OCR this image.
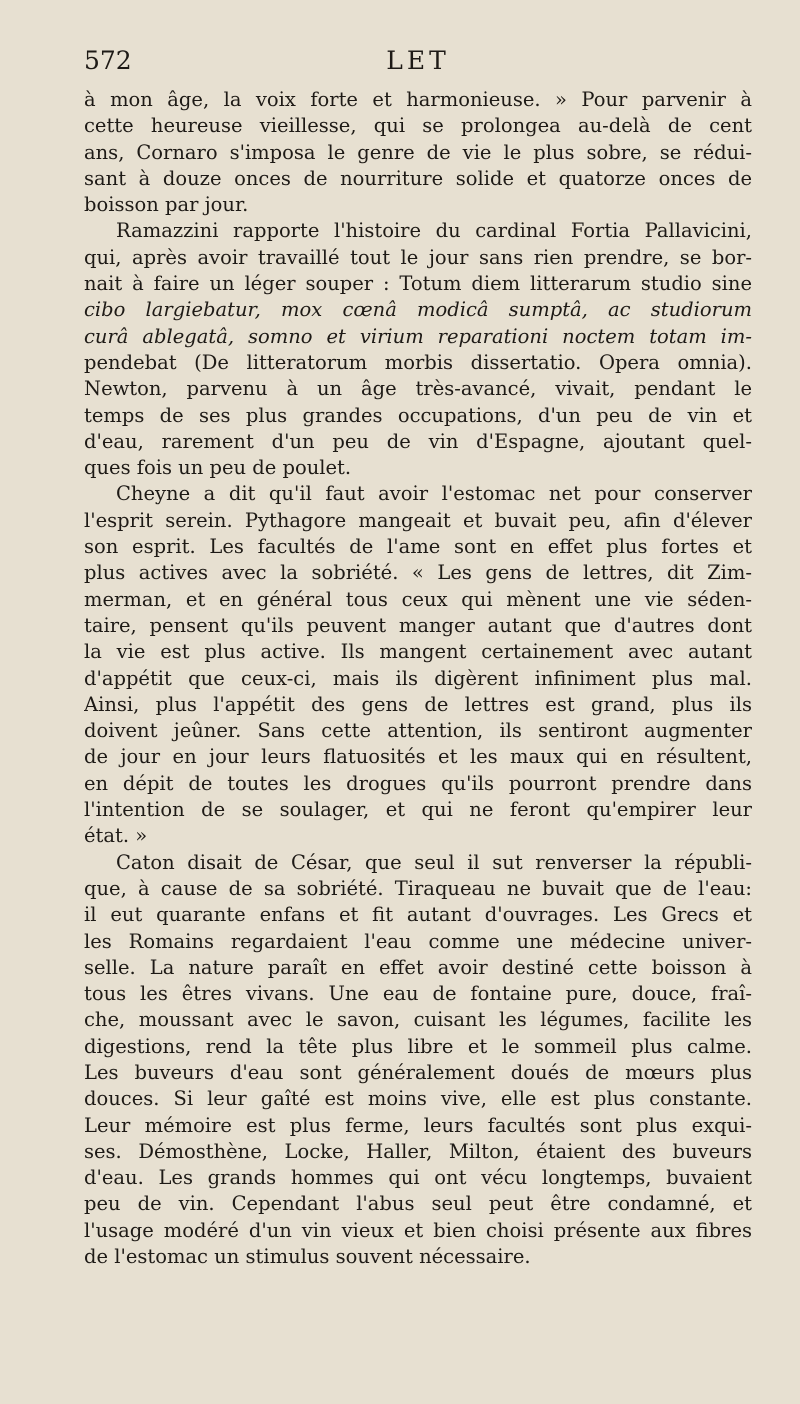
572	LET
à mon âge, la voix forte et harmonieuse. » Pour parvenir à
cette heureuse vieillesse, qui se prolongea au-delà de cent
ans, Cornaro s'imposa le genre de vie le plus sobre, se rédui-
sant à douze onces de nourriture solide et quatorze onces de
boisson par jour.
Ramazzini rapporte l'histoire du cardinal Fortia Pallavicini,
qui, après avoir travaillé tout le jour sans rien prendre, se bor-
nait à faire un léger souper : Totum diem litterarum studio sine
cibo largiebatur, mox cœnâ modicâ sumptâ, ac studiorum
curâ ablegatâ, somno et virium reparationi noctem totam im-
pendebat (De litteratorum morbis dissertatio. Opera omnia).
Newton, parvenu à un âge très-avancé, vivait, pendant le
temps de ses plus grandes occupations, d'un peu de vin et
d'eau, rarement d'un peu de vin d'Espagne, ajoutant quel-
ques fois un peu de poulet.
Cheyne a dit qu'il faut avoir l'estomac net pour conserver
l'esprit serein. Pythagore mangeait et buvait peu, afin d'élever
son esprit. Les facultés de l'ame sont en effet plus fortes et
plus actives avec la sobriété. « Les gens de lettres, dit Zim-
merman, et en général tous ceux qui mènent une vie séden-
taire, pensent qu'ils peuvent manger autant que d'autres dont
la vie est plus active. Ils mangent certainement avec autant
d'appétit que ceux-ci, mais ils digèrent infiniment plus mal.
Ainsi, plus l'appétit des gens de lettres est grand, plus ils
doivent jeûner. Sans cette attention, ils sentiront augmenter
de jour en jour leurs flatuosités et les maux qui en résultent,
en dépit de toutes les drogues qu'ils pourront prendre dans
l'intention de se soulager, et qui ne feront qu'empirer leur
état. »
Caton disait de César, que seul il sut renverser la républi-
que, à cause de sa sobriété. Tiraqueau ne buvait que de l'eau:
il eut quarante enfans et fit autant d'ouvrages. Les Grecs et
les Romains regardaient l'eau comme une médecine univer-
selle. La nature paraît en effet avoir destiné cette boisson à
tous les êtres vivans. Une eau de fontaine pure, douce, fraî-
che, moussant avec le savon, cuisant les légumes, facilite les
digestions, rend la tête plus libre et le sommeil plus calme.
Les buveurs d'eau sont généralement doués de mœurs plus
douces. Si leur gaîté est moins vive, elle est plus constante.
Leur mémoire est plus ferme, leurs facultés sont plus exqui-
ses. Démosthène, Locke, Haller, Milton, étaient des buveurs
d'eau. Les grands hommes qui ont vécu longtemps, buvaient
peu de vin. Cependant l'abus seul peut être condamné, et
l'usage modéré d'un vin vieux et bien choisi présente aux fibres
de l'estomac un stimulus souvent nécessaire.
